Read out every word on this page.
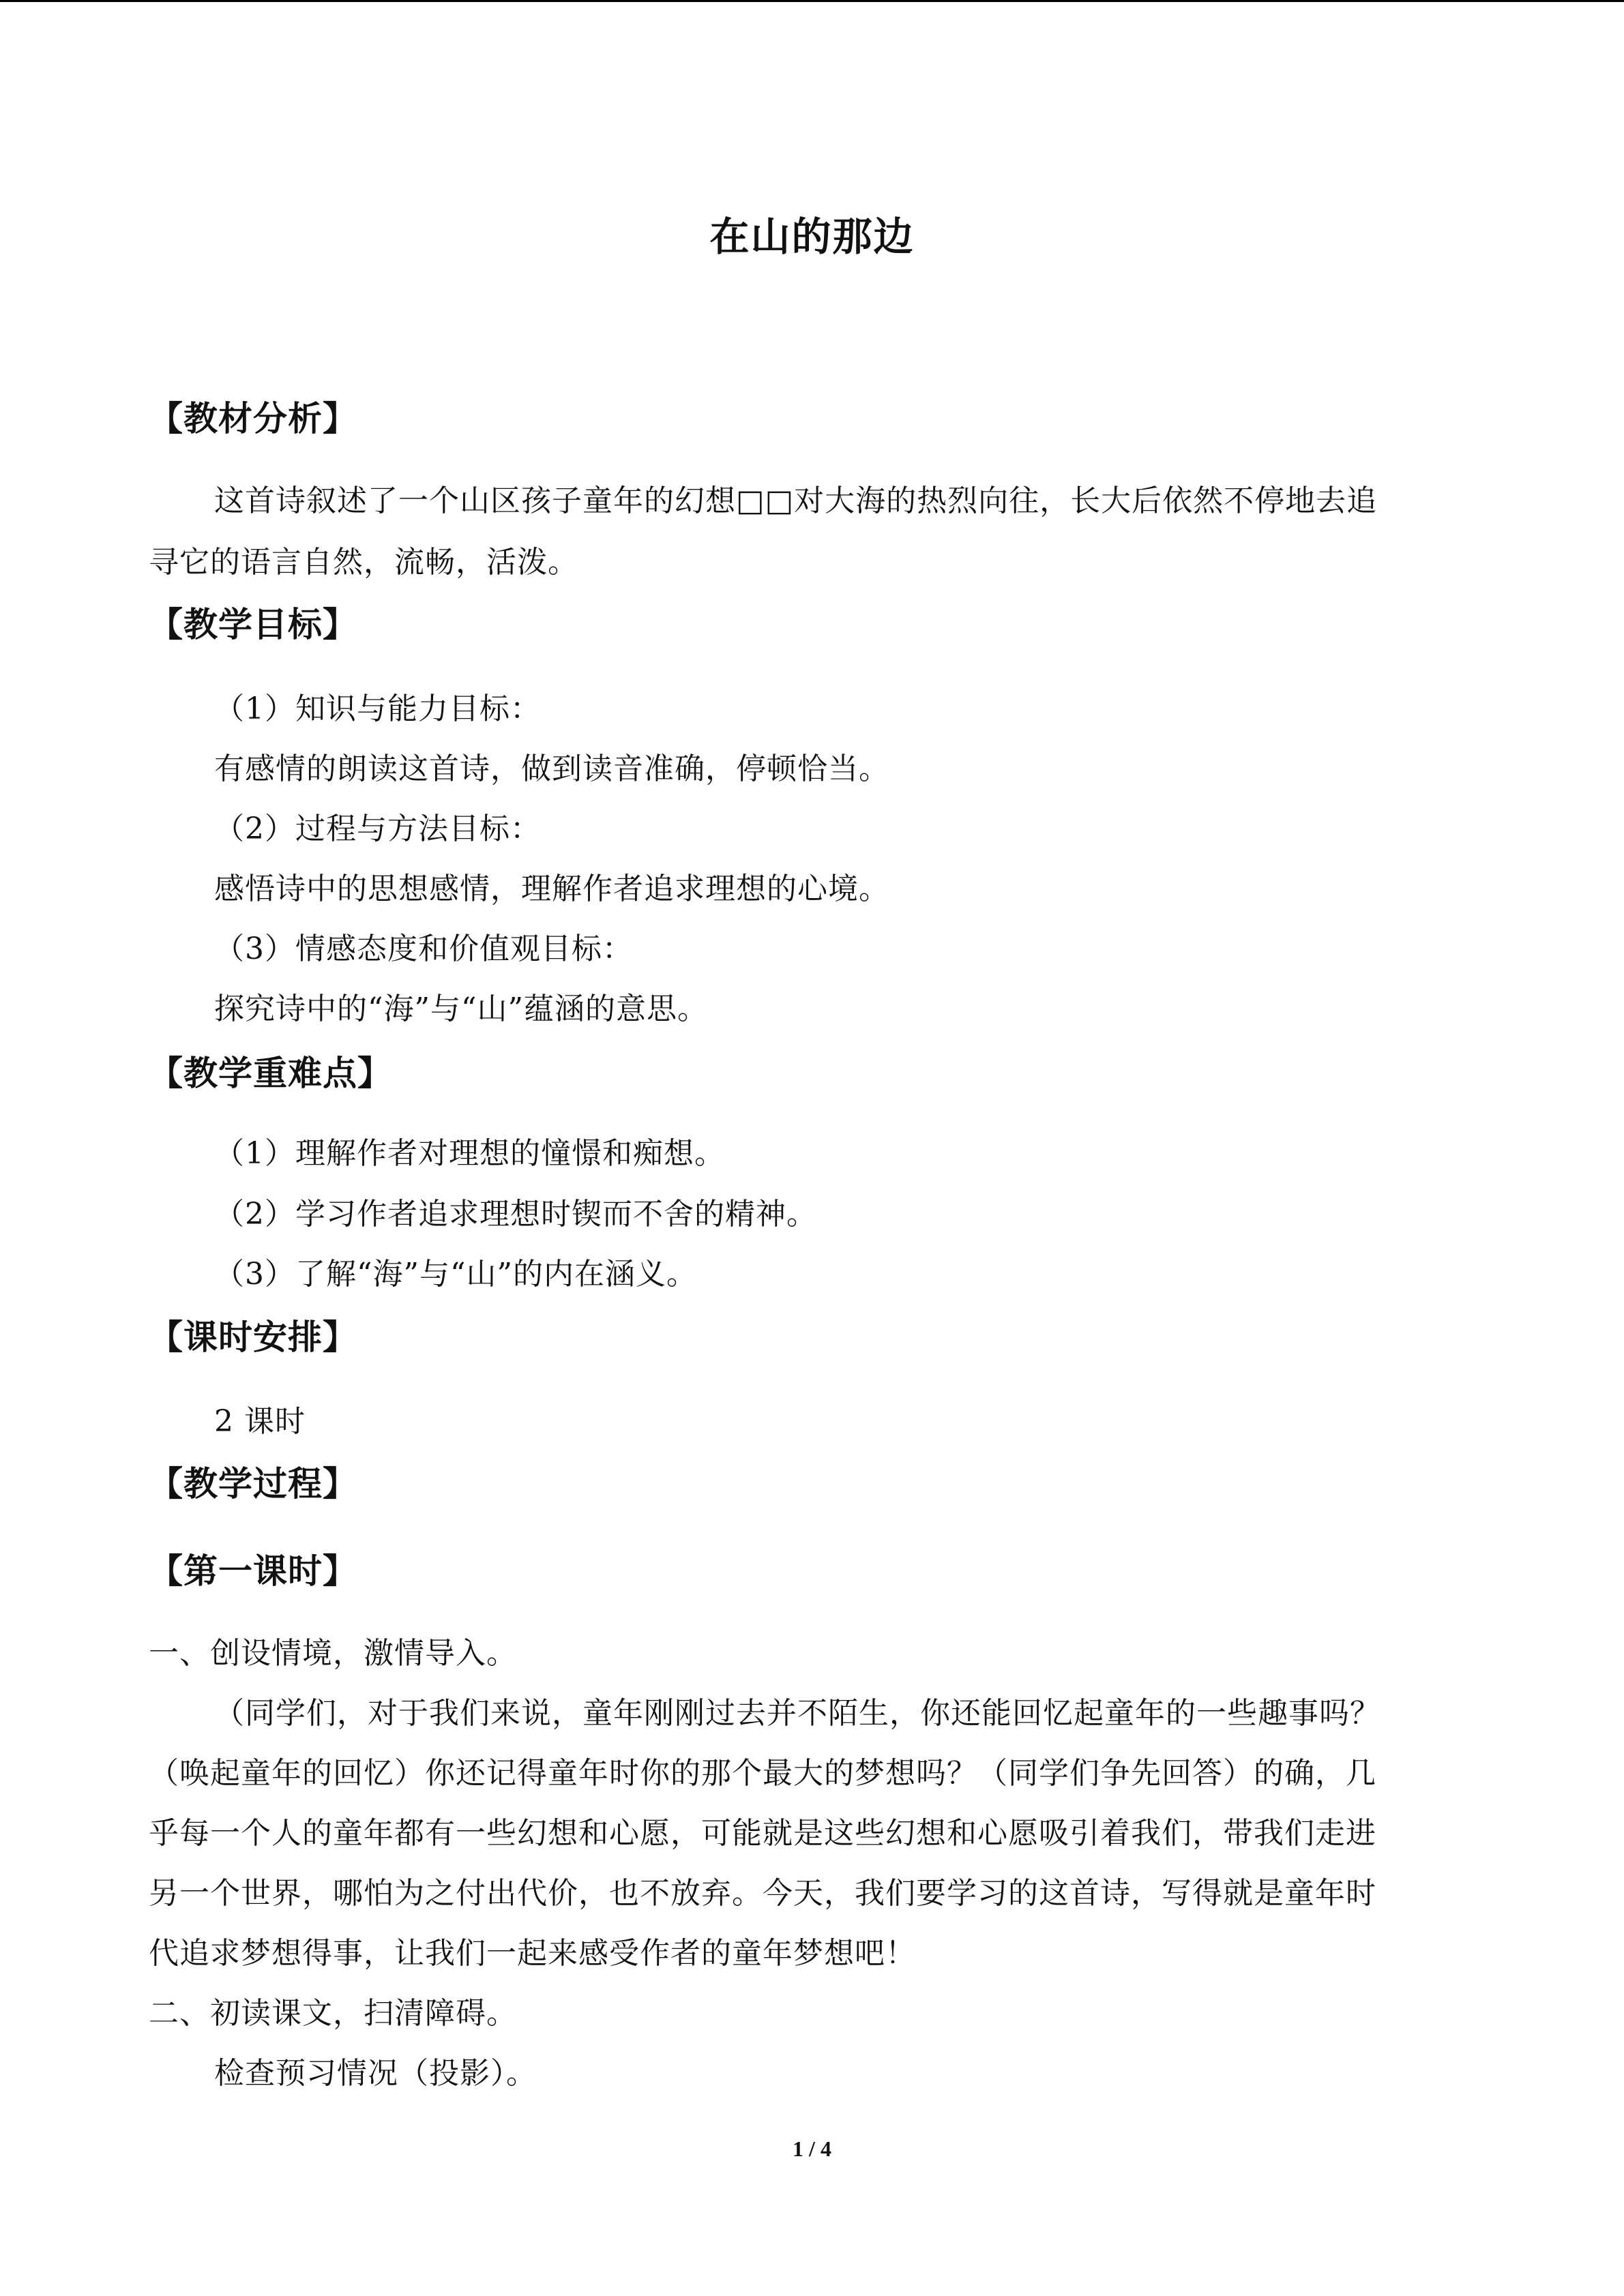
在山的那边
【教材分析】
这首诗叙述了一个山区孩子童年的幻想□□对大海的热烈向往，长大后依然不停地去追
寻它的语言自然，流畅，活泼。
【教学目标】
（1）知识与能力目标：
有感情的朗读这首诗，做到读音准确，停顿恰当。
（2）过程与方法目标：
感悟诗中的思想感情，理解作者追求理想的心境。
（3）情感态度和价值观目标：
探究诗中的“海”与“山”蕴涵的意思。
【教学重难点】
（1）理解作者对理想的憧憬和痴想。
（2）学习作者追求理想时锲而不舍的精神。
（3）了解“海”与“山”的内在涵义。
【课时安排】
2 课时
【教学过程】
【第一课时】
一、创设情境，激情导入。
（同学们，对于我们来说，童年刚刚过去并不陌生，你还能回忆起童年的一些趣事吗？
（唤起童年的回忆）你还记得童年时你的那个最大的梦想吗？（同学们争先回答）的确，几
乎每一个人的童年都有一些幻想和心愿，可能就是这些幻想和心愿吸引着我们，带我们走进
另一个世界，哪怕为之付出代价，也不放弃。今天，我们要学习的这首诗，写得就是童年时
代追求梦想得事，让我们一起来感受作者的童年梦想吧！
二、初读课文，扫清障碍。
检查预习情况（投影）。
1 / 4
